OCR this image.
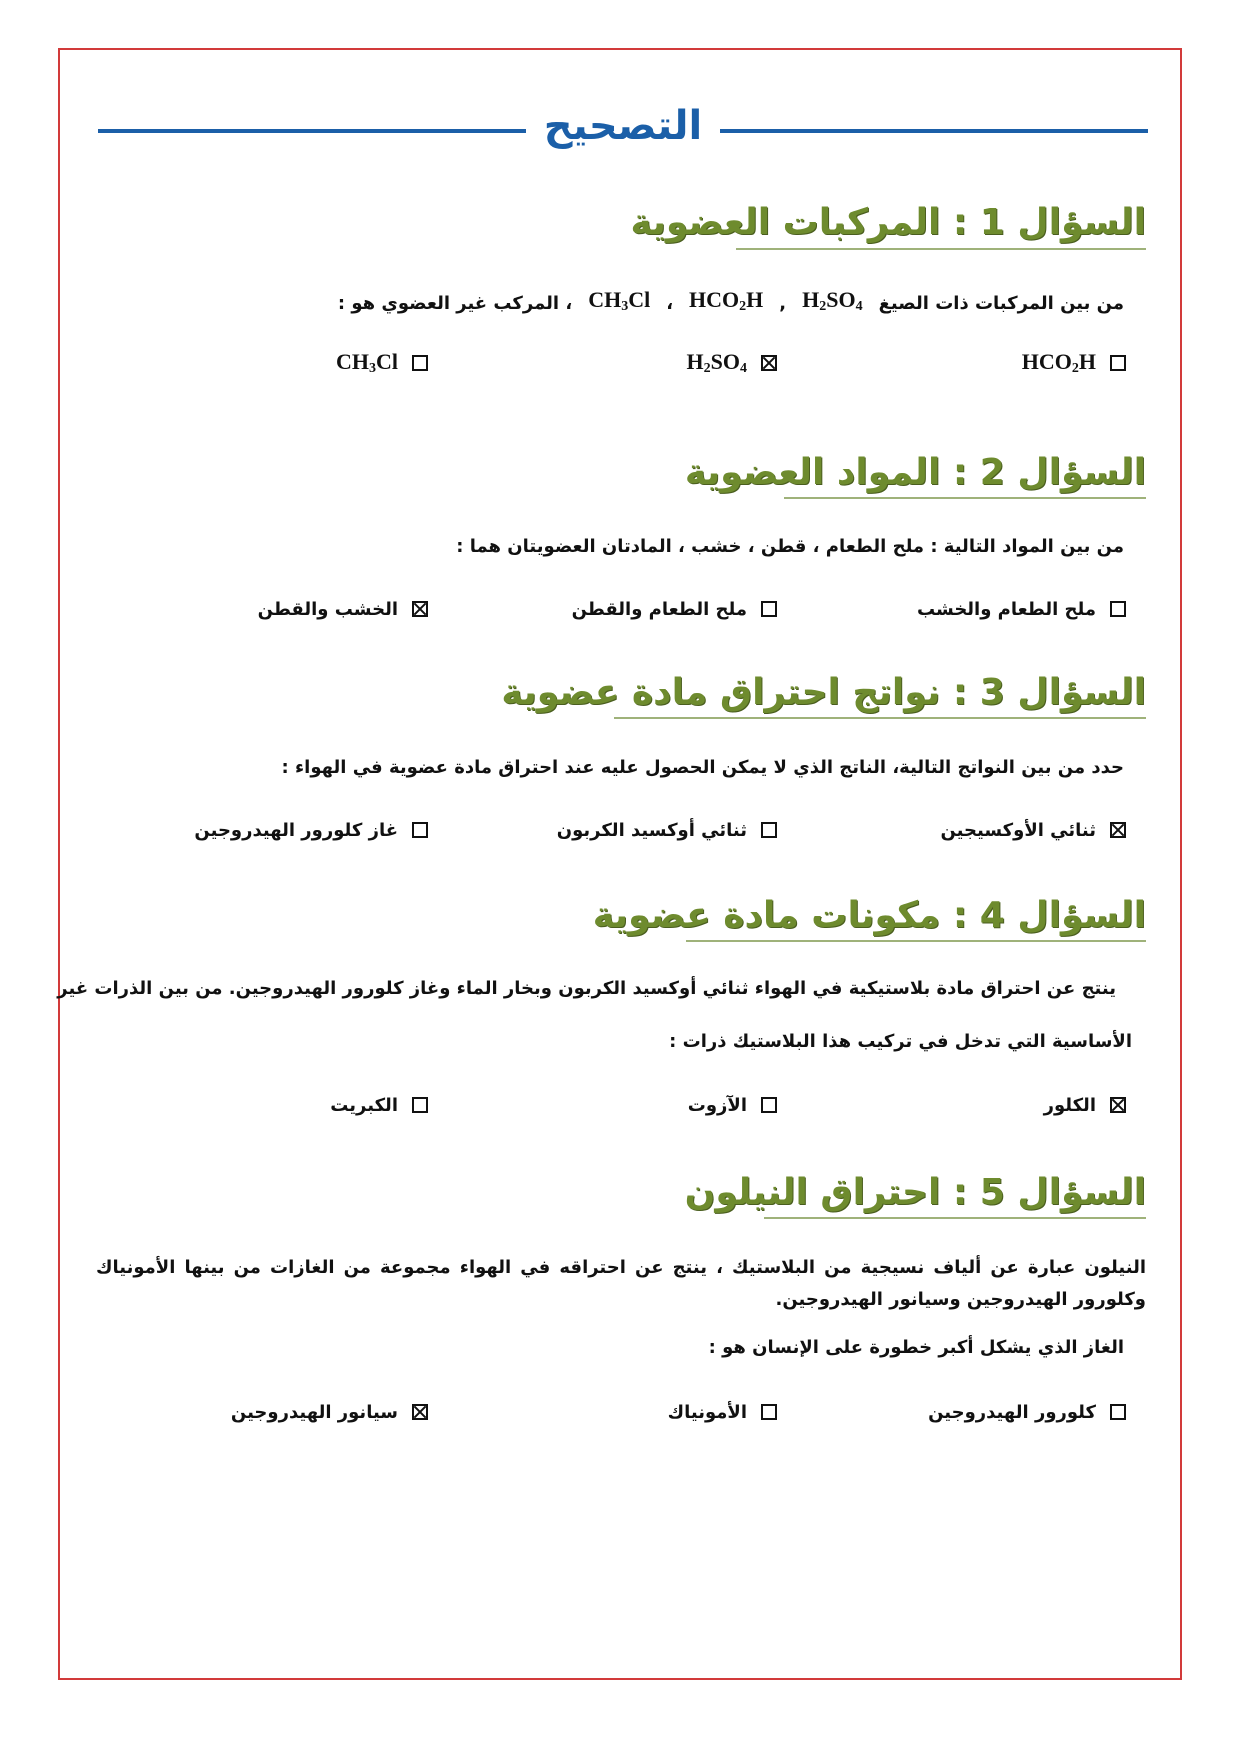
التصحيح
السؤال 1 : المركبات العضوية
من بين المركبات ذات الصيغ
$H_2SO_4$
,
$HCO_2H$
،
$CH_3Cl$
، المركب غير العضوي هو :
$HCO_2H$
$H_2SO_4$
$CH_3Cl$
السؤال 2 : المواد العضوية
من بين المواد التالية : ملح الطعام ، قطن ، خشب ، المادتان العضويتان هما :
ملح الطعام والخشب
ملح الطعام والقطن
الخشب والقطن
السؤال 3 : نواتج احتراق مادة عضوية
حدد من بين النواتج التالية، الناتج الذي لا يمكن الحصول عليه عند احتراق مادة عضوية في الهواء :
ثنائي الأوكسيجين
ثنائي أوكسيد الكربون
غاز كلورور الهيدروجين
السؤال 4 : مكونات مادة عضوية
ينتج عن احتراق مادة بلاستيكية في الهواء ثنائي أوكسيد الكربون وبخار الماء وغاز كلورور الهيدروجين. من بين الذرات غير
الأساسية التي تدخل في تركيب هذا البلاستيك ذرات :
الكلور
الآزوت
الكبريت
السؤال 5 : احتراق النيلون
النيلون عبارة عن ألياف نسيجية من البلاستيك ، ينتج عن احتراقه في الهواء مجموعة من الغازات من بينها الأمونياك وكلورور الهيدروجين وسيانور الهيدروجين.
الغاز الذي يشكل أكبر خطورة على الإنسان هو :
كلورور الهيدروجين
الأمونياك
سيانور الهيدروجين
